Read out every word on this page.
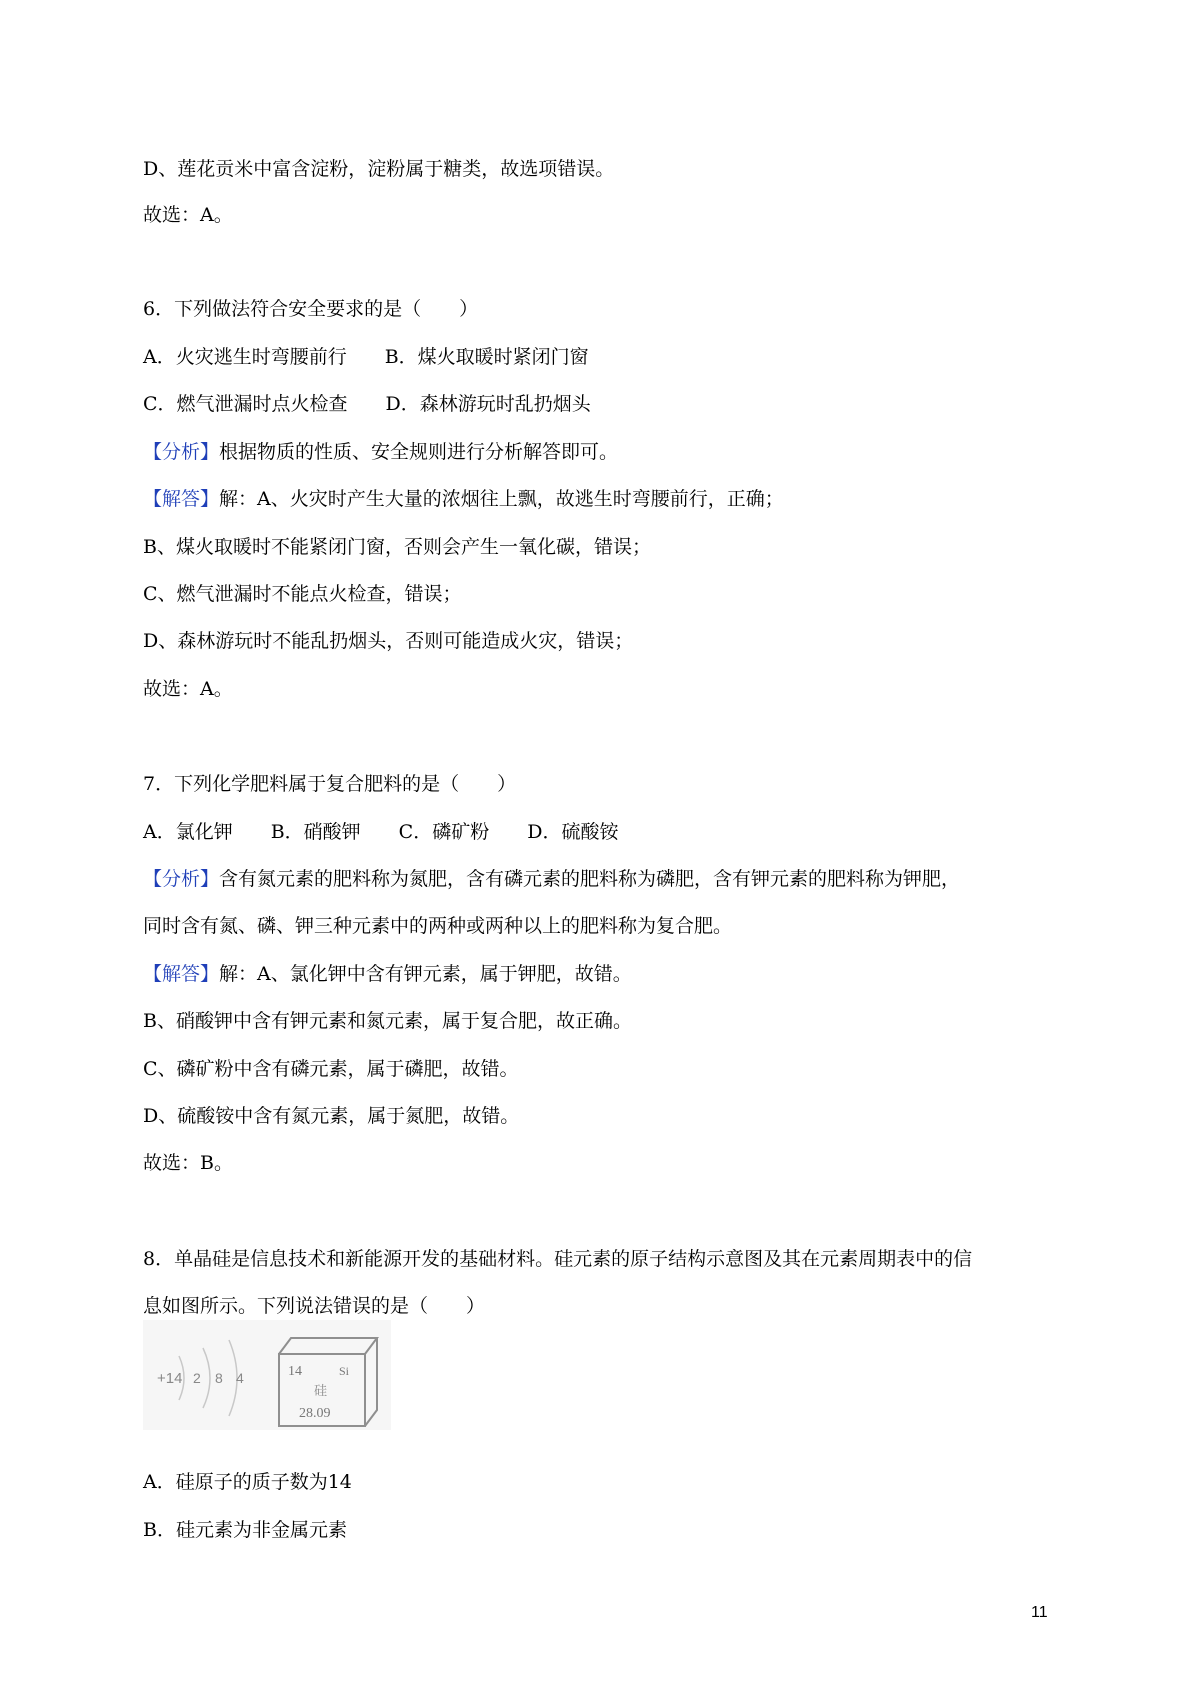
D、莲花贡米中富含淀粉，淀粉属于糖类，故选项错误。
故选：A。
6．下列做法符合安全要求的是（　　）
A．火灾逃生时弯腰前行　　B．煤火取暖时紧闭门窗
C．燃气泄漏时点火检查　　D．森林游玩时乱扔烟头
【分析】根据物质的性质、安全规则进行分析解答即可。
【解答】解：A、火灾时产生大量的浓烟往上飘，故逃生时弯腰前行，正确；
B、煤火取暖时不能紧闭门窗，否则会产生一氧化碳，错误；
C、燃气泄漏时不能点火检查，错误；
D、森林游玩时不能乱扔烟头，否则可能造成火灾，错误；
故选：A。
7．下列化学肥料属于复合肥料的是（　　）
A．氯化钾　　B．硝酸钾　　C．磷矿粉　　D．硫酸铵
【分析】含有氮元素的肥料称为氮肥，含有磷元素的肥料称为磷肥，含有钾元素的肥料称为钾肥，
同时含有氮、磷、钾三种元素中的两种或两种以上的肥料称为复合肥。
【解答】解：A、氯化钾中含有钾元素，属于钾肥，故错。
B、硝酸钾中含有钾元素和氮元素，属于复合肥，故正确。
C、磷矿粉中含有磷元素，属于磷肥，故错。
D、硫酸铵中含有氮元素，属于氮肥，故错。
故选：B。
8．单晶硅是信息技术和新能源开发的基础材料。硅元素的原子结构示意图及其在元素周期表中的信
息如图所示。下列说法错误的是（　　）
+14 2 8 4	14	Si
硅
28.09
A．硅原子的质子数为14
B．硅元素为非金属元素
11
